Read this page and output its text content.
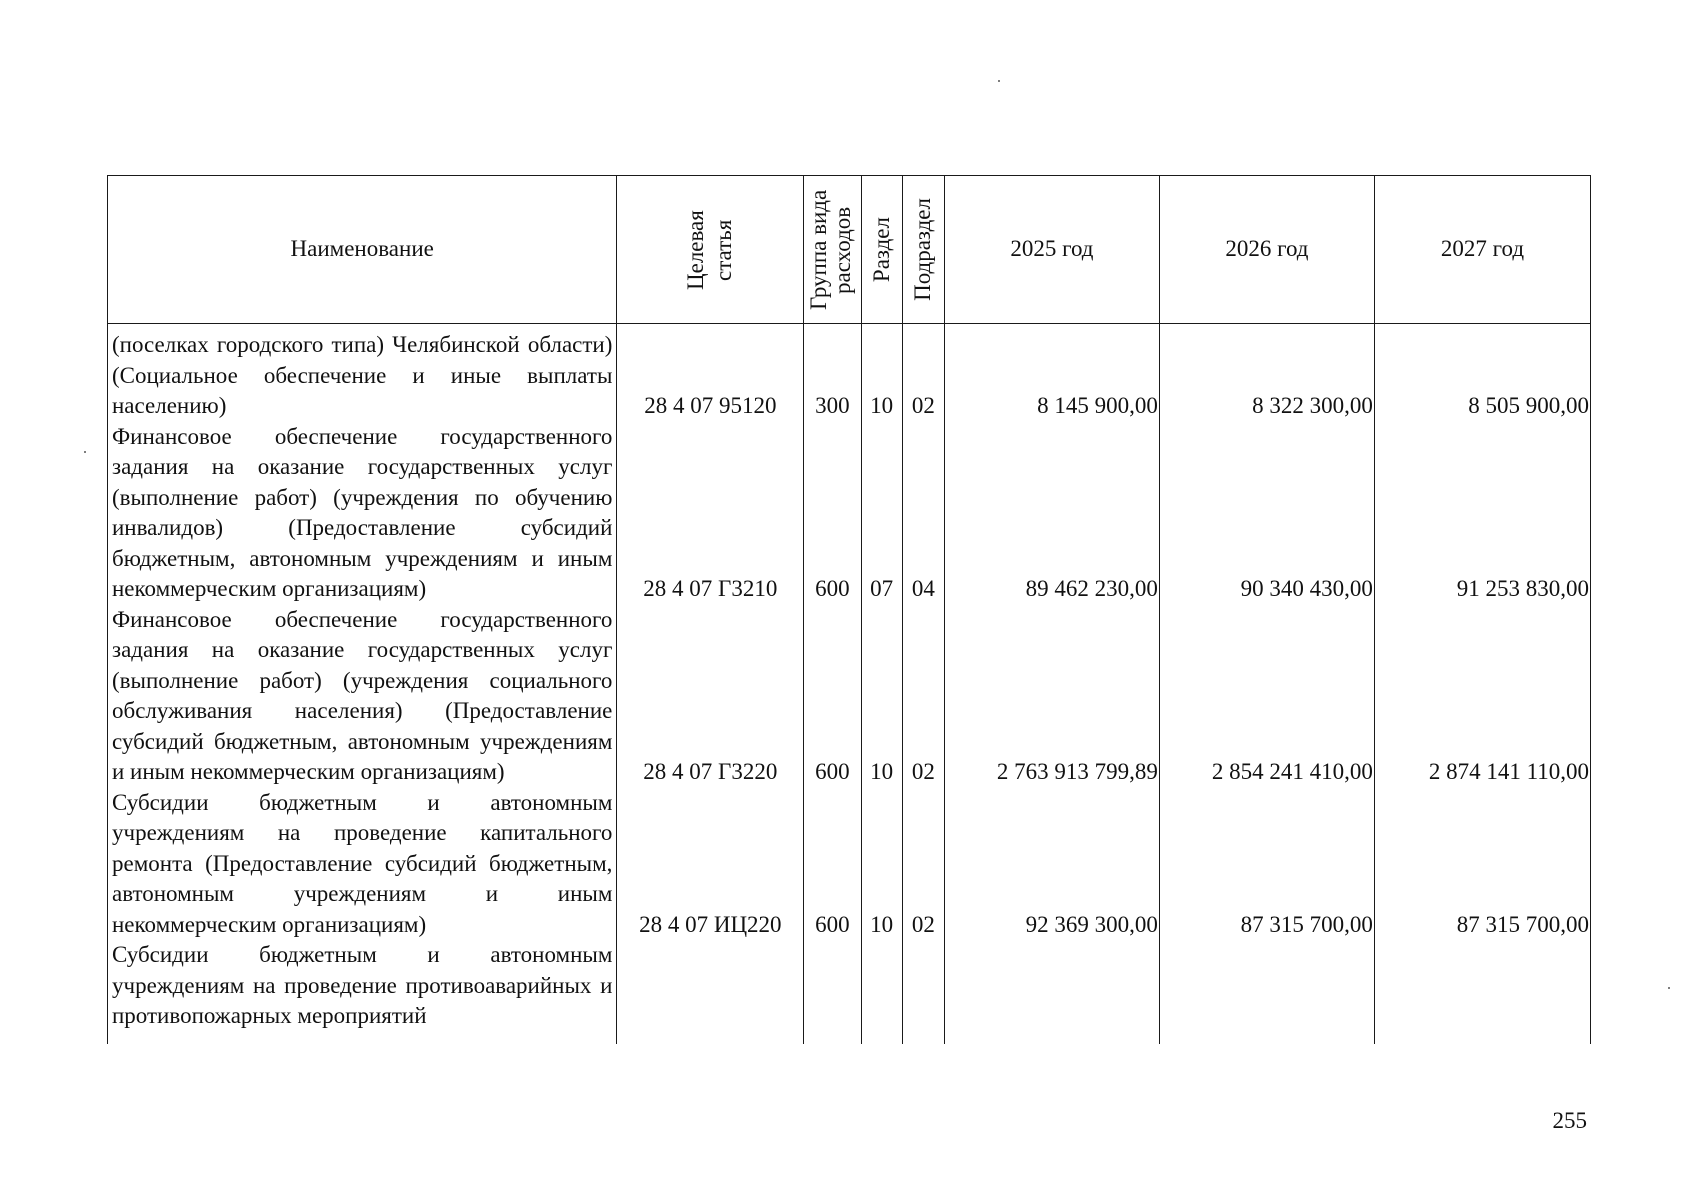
Наименование	Целевая статья	Группа вида расходов	Раздел	Подраздел	2025 год	2026 год	2027 год

(поселках городского типа) Челябинской области) (Социальное обеспечение и иные выплаты населению)	28 4 07 95120	300	10	02	8 145 900,00	8 322 300,00	8 505 900,00

Финансовое обеспечение государственного задания на оказание государственных услуг (выполнение работ) (учреждения по обучению инвалидов) (Предоставление субсидий бюджетным, автономным учреждениям и иным некоммерческим организациям)	28 4 07 Г3210	600	07	04	89 462 230,00	90 340 430,00	91 253 830,00

Финансовое обеспечение государственного задания на оказание государственных услуг (выполнение работ) (учреждения социального обслуживания населения) (Предоставление субсидий бюджетным, автономным учреждениям и иным некоммерческим организациям)	28 4 07 Г3220	600	10	02	2 763 913 799,89	2 854 241 410,00	2 874 141 110,00

Субсидии бюджетным и автономным учреждениям на проведение капитального ремонта (Предоставление субсидий бюджетным, автономным учреждениям и иным некоммерческим организациям)	28 4 07 ИЦ220	600	10	02	92 369 300,00	87 315 700,00	87 315 700,00

Субсидии бюджетным и автономным учреждениям на проведение противоаварийных и противопожарных мероприятий							

255
